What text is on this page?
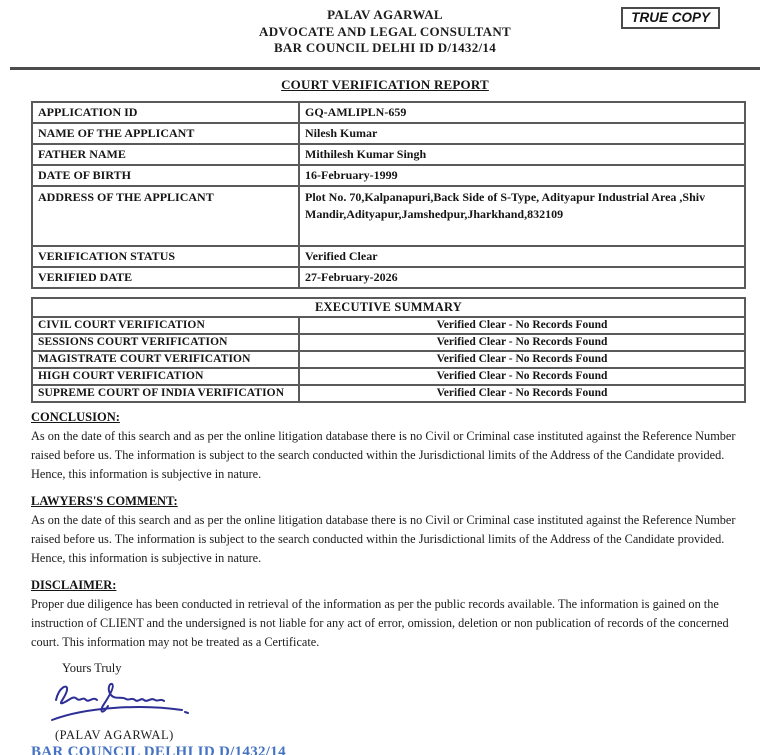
PALAV AGARWAL
ADVOCATE AND LEGAL CONSULTANT
BAR COUNCIL DELHI ID D/1432/14
TRUE COPY
COURT VERIFICATION REPORT
APPLICATION ID	GQ-AMLIPLN-659
NAME OF THE APPLICANT	Nilesh Kumar
FATHER NAME	Mithilesh Kumar Singh
DATE OF BIRTH	16-February-1999
ADDRESS OF THE APPLICANT	Plot No. 70,Kalpanapuri,Back Side of S-Type, Adityapur Industrial Area ,Shiv Mandir,Adityapur,Jamshedpur,Jharkhand,832109
VERIFICATION STATUS	Verified Clear
VERIFIED DATE	27-February-2026
EXECUTIVE SUMMARY	
CIVIL COURT VERIFICATION	Verified Clear - No Records Found
SESSIONS COURT VERIFICATION	Verified Clear - No Records Found
MAGISTRATE COURT VERIFICATION	Verified Clear - No Records Found
HIGH COURT VERIFICATION	Verified Clear - No Records Found
SUPREME COURT OF INDIA VERIFICATION	Verified Clear - No Records Found
CONCLUSION:
As on the date of this search and as per the online litigation database there is no Civil or Criminal case instituted against the Reference Number raised before us. The information is subject to the search conducted within the Jurisdictional limits of the Address of the Candidate provided. Hence, this information is subjective in nature.
LAWYERS'S COMMENT:
As on the date of this search and as per the online litigation database there is no Civil or Criminal case instituted against the Reference Number raised before us. The information is subject to the search conducted within the Jurisdictional limits of the Address of the Candidate provided. Hence, this information is subjective in nature.
DISCLAIMER:
Proper due diligence has been conducted in retrieval of the information as per the public records available. The information is gained on the instruction of CLIENT and the undersigned is not liable for any act of error, omission, deletion or non publication of records of the concerned court. This information may not be treated as a Certificate.
Yours Truly
(PALAV AGARWAL)
BAR COUNCIL DELHI ID D/1432/14
